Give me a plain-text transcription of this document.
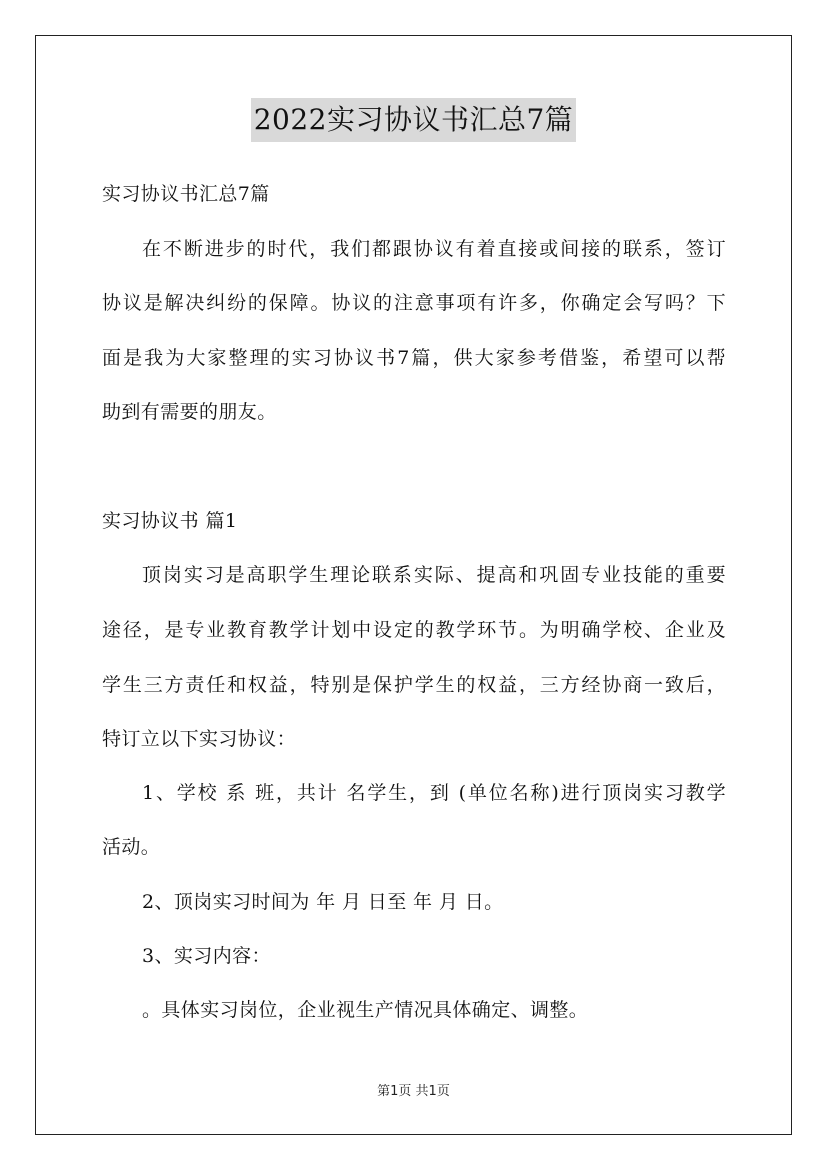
2022实习协议书汇总7篇
实习协议书汇总7篇
在不断进步的时代，我们都跟协议有着直接或间接的联系，签订
协议是解决纠纷的保障。协议的注意事项有许多，你确定会写吗？下
面是我为大家整理的实习协议书7篇，供大家参考借鉴，希望可以帮
助到有需要的朋友。
实习协议书 篇1
顶岗实习是高职学生理论联系实际、提高和巩固专业技能的重要
途径，是专业教育教学计划中设定的教学环节。为明确学校、企业及
学生三方责任和权益，特别是保护学生的权益，三方经协商一致后，
特订立以下实习协议：
1、学校 系 班，共计 名学生，到 (单位名称)进行顶岗实习教学
活动。
2、顶岗实习时间为 年 月 日至 年 月 日。
3、实习内容：
。具体实习岗位，企业视生产情况具体确定、调整。
第1页 共1页
